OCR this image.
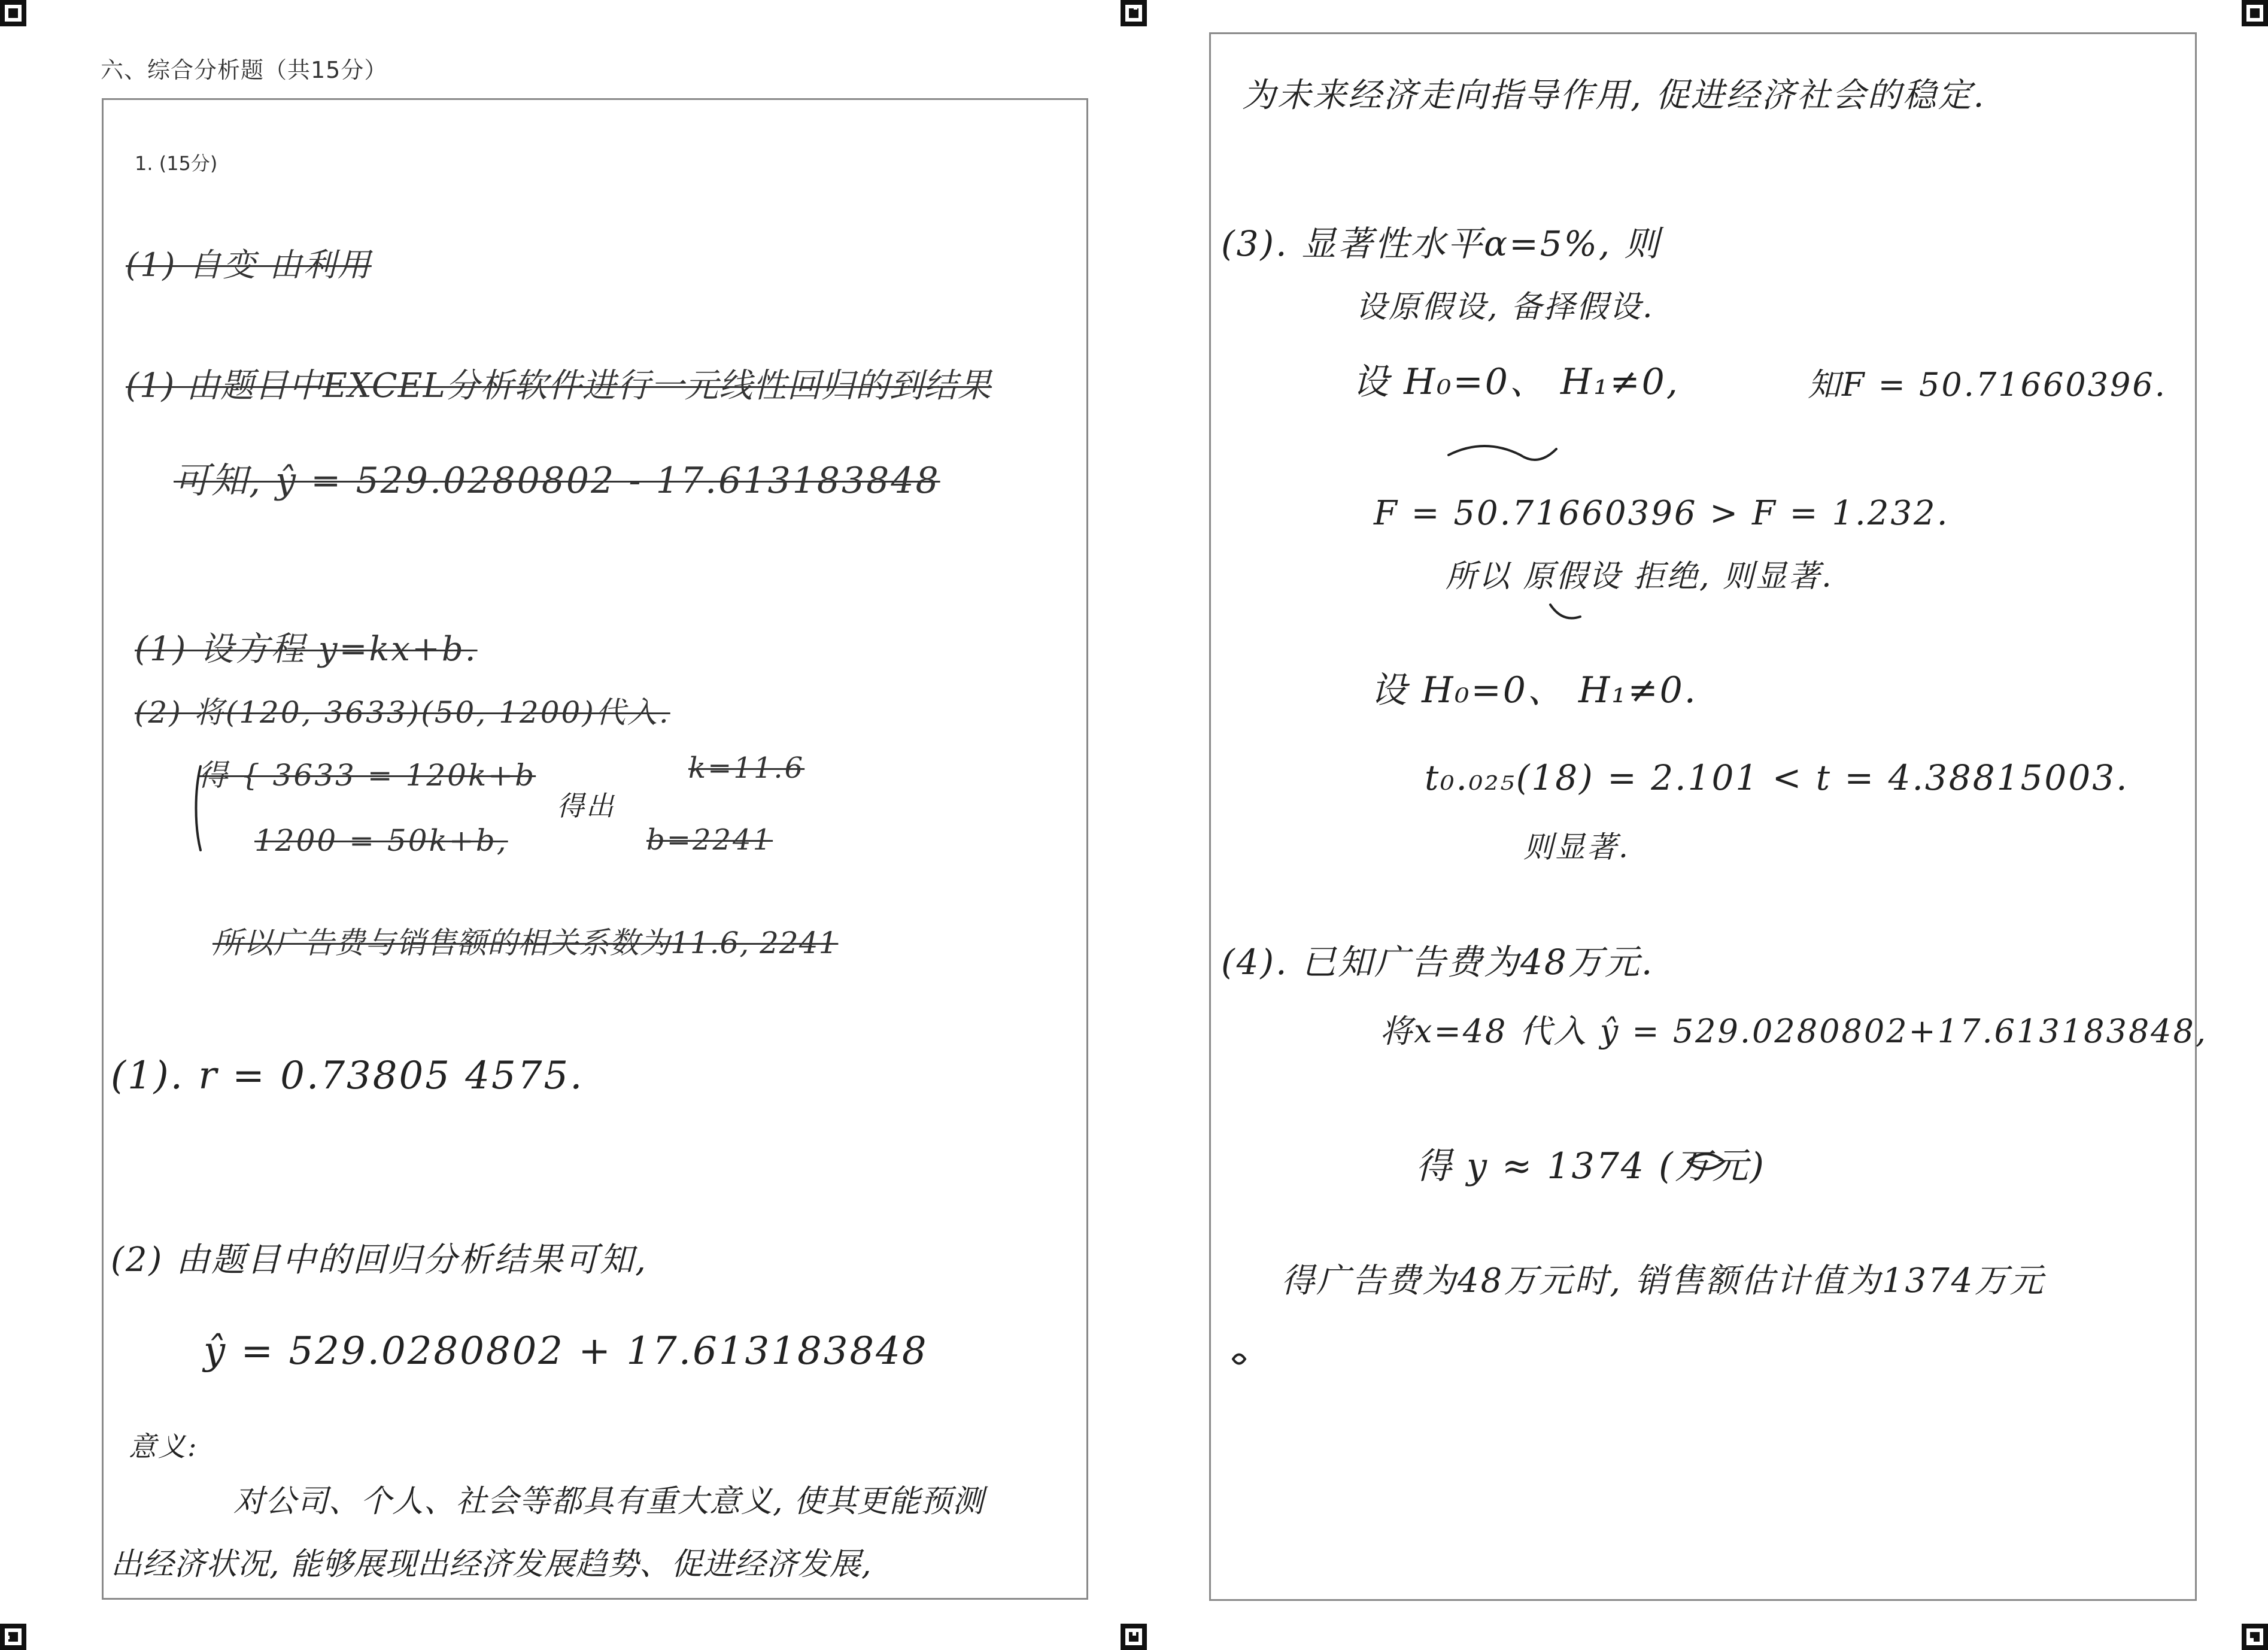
六、综合分析题（共15分）
1. (15分)
(1) 自变 由利用
(1) 由题目中EXCEL分析软件进行一元线性回归的到结果
可知, ŷ = 529.0280802 - 17.613183848
(1) 设方程 y=kx+b.
(2) 将(120, 3633)(50, 1200)代入.
得 { 3633 = 120k+b	k=11.6
得出
1200 = 50k+b,	b=2241
所以广告费与销售额的相关系数为11.6, 2241
(1). r = 0.73805 4575.
(2) 由题目中的回归分析结果可知,
ŷ = 529.0280802 + 17.613183848
意义:
对公司、个人、社会等都具有重大意义, 使其更能预测
出经济状况, 能够展现出经济发展趋势、促进经济发展,
为未来经济走向指导作用, 促进经济社会的稳定.
(3). 显著性水平α=5%, 则
设原假设, 备择假设.
设 H₀=0、 H₁≠0,	知F = 50.71660396.
F = 50.71660396 > F = 1.232.
所以 原假设 拒绝, 则显著.
设 H₀=0、 H₁≠0.
t₀.₀₂₅(18) = 2.101 < t = 4.38815003.
则显著.
(4). 已知广告费为48万元.
将x=48 代入 ŷ = 529.0280802+17.613183848,
得 y ≈ 1374 (万元)
得广告费为48万元时, 销售额估计值为1374万元
